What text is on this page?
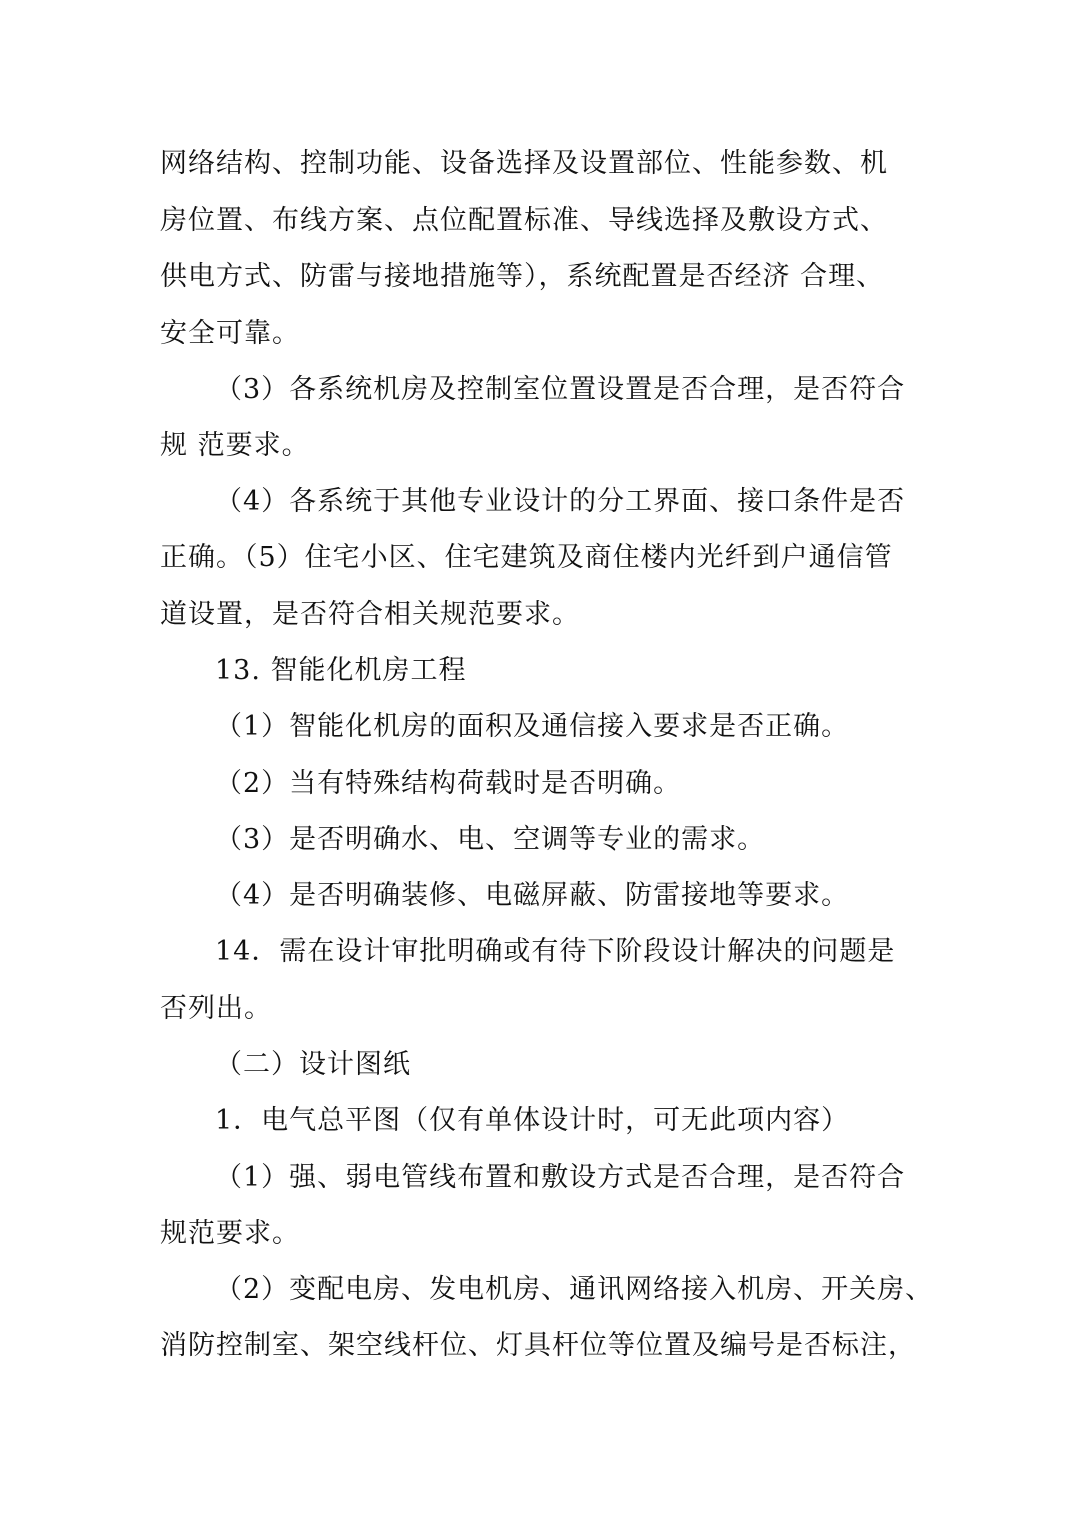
网络结构、控制功能、设备选择及设置部位、性能参数、机
房位置、布线方案、点位配置标准、导线选择及敷设方式、
供电方式、防雷与接地措施等），系统配置是否经济 合理、
安全可靠。
（3）各系统机房及控制室位置设置是否合理，是否符合
规 范要求。
（4）各系统于其他专业设计的分工界面、接口条件是否
正确。（5）住宅小区、住宅建筑及商住楼内光纤到户通信管
道设置，是否符合相关规范要求。
13. 智能化机房工程
（1）智能化机房的面积及通信接入要求是否正确。
（2）当有特殊结构荷载时是否明确。
（3）是否明确水、电、空调等专业的需求。
（4）是否明确装修、电磁屏蔽、防雷接地等要求。
14．需在设计审批明确或有待下阶段设计解决的问题是
否列出。
（二）设计图纸
1．电气总平图（仅有单体设计时，可无此项内容）
（1）强、弱电管线布置和敷设方式是否合理，是否符合
规范要求。
（2）变配电房、发电机房、通讯网络接入机房、开关房、
消防控制室、架空线杆位、灯具杆位等位置及编号是否标注，
